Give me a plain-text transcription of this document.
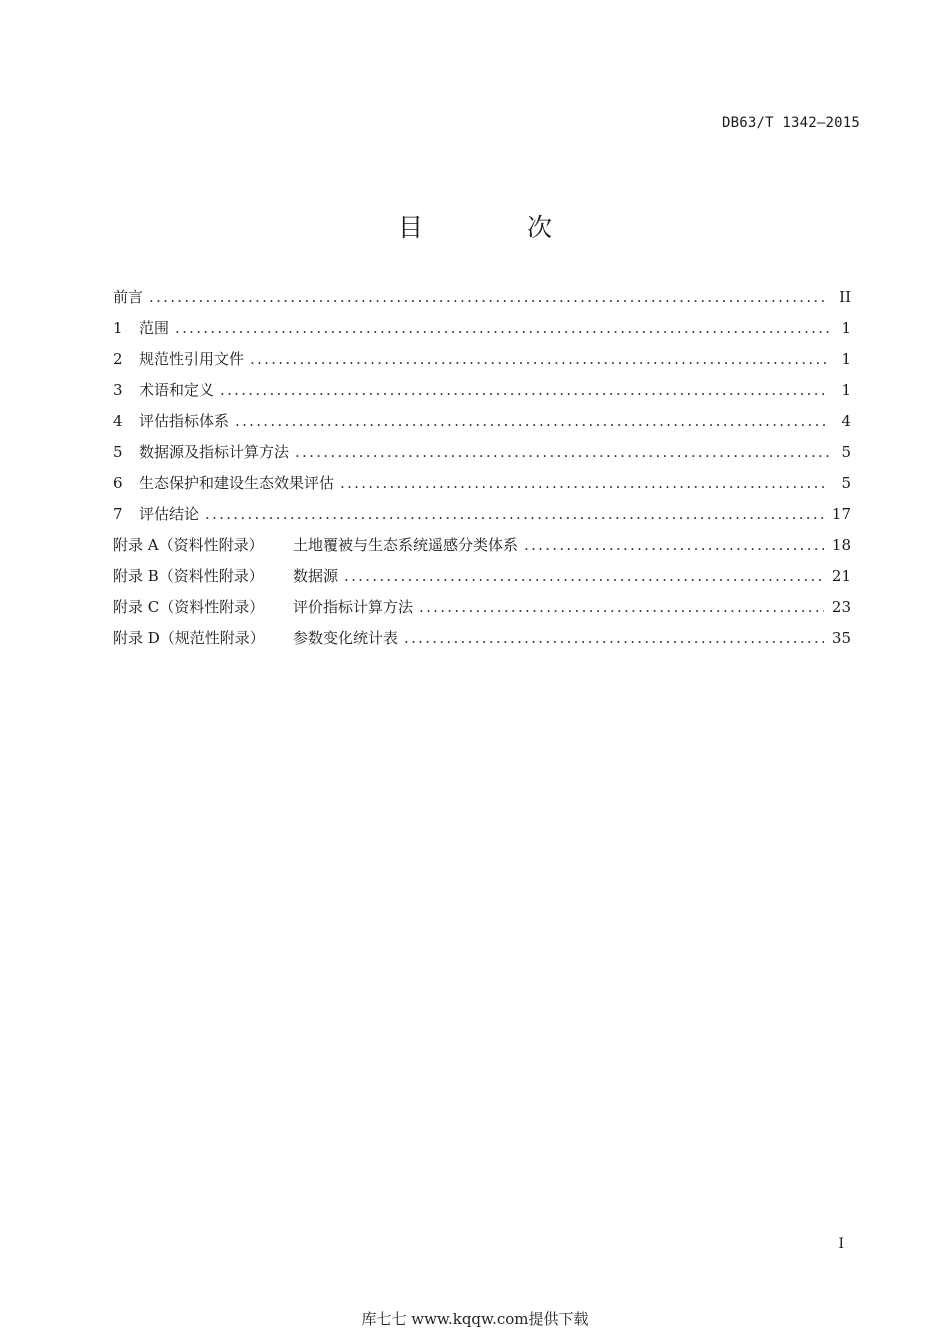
DB63/T 1342—2015
目 次
前言 .....	II
1	范围 .....	1
2	规范性引用文件 .....	1
3	术语和定义 .....	1
4	评估指标体系 .....	4
5	数据源及指标计算方法 .....	5
6	生态保护和建设生态效果评估 .....	5
7	评估结论 .....	17
附录 A（资料性附录）	土地覆被与生态系统遥感分类体系 .....	18
附录 B（资料性附录）	数据源 .....	21
附录 C（资料性附录）	评价指标计算方法 .....	23
附录 D（规范性附录）	参数变化统计表 .....	35
I
库七七 www.kqqw.com提供下载
